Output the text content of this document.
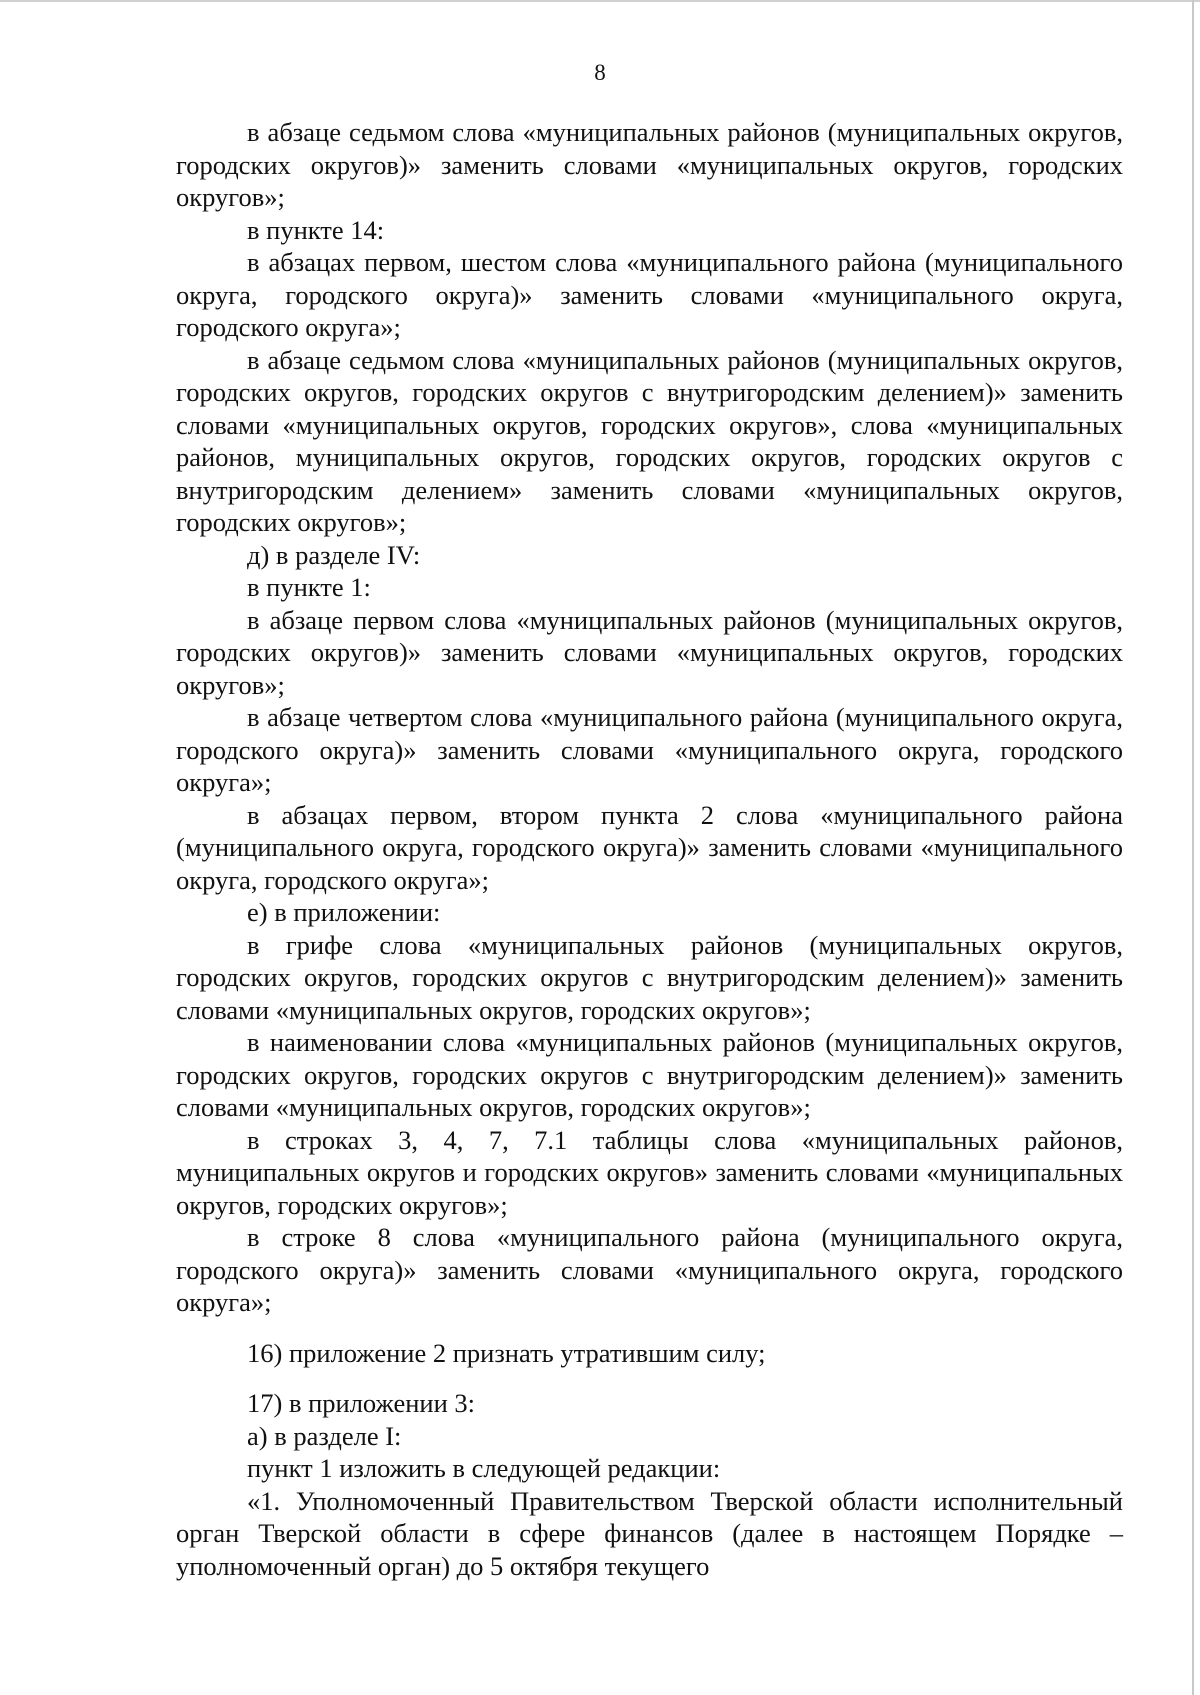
8

в абзаце седьмом слова «муниципальных районов (муниципальных округов, городских округов)» заменить словами «муниципальных округов, городских округов»;

в пункте 14:

в абзацах первом, шестом слова «муниципального района (муниципального округа, городского округа)» заменить словами «муниципального округа, городского округа»;

в абзаце седьмом слова «муниципальных районов (муниципальных округов, городских округов, городских округов с внутригородским делением)» заменить словами «муниципальных округов, городских округов», слова «муниципальных районов, муниципальных округов, городских округов, городских округов с внутригородским делением» заменить словами «муниципальных округов, городских округов»;

д) в разделе IV:

в пункте 1:

в абзаце первом слова «муниципальных районов (муниципальных округов, городских округов)» заменить словами «муниципальных округов, городских округов»;

в абзаце четвертом слова «муниципального района (муниципального округа, городского округа)» заменить словами «муниципального округа, городского округа»;

в абзацах первом, втором пункта 2 слова «муниципального района (муниципального округа, городского округа)» заменить словами «муниципального округа, городского округа»;

е) в приложении:

в грифе слова «муниципальных районов (муниципальных округов, городских округов, городских округов с внутригородским делением)» заменить словами «муниципальных округов, городских округов»;

в наименовании слова «муниципальных районов (муниципальных округов, городских округов, городских округов с внутригородским делением)» заменить словами «муниципальных округов, городских округов»;

в строках 3, 4, 7, 7.1 таблицы слова «муниципальных районов, муниципальных округов и городских округов» заменить словами «муниципальных округов, городских округов»;

в строке 8 слова «муниципального района (муниципального округа, городского округа)» заменить словами «муниципального округа, городского округа»;

16) приложение 2 признать утратившим силу;

17) в приложении 3:

а) в разделе I:

пункт 1 изложить в следующей редакции:

«1. Уполномоченный Правительством Тверской области исполнительный орган Тверской области в сфере финансов (далее в настоящем Порядке – уполномоченный орган) до 5 октября текущего
